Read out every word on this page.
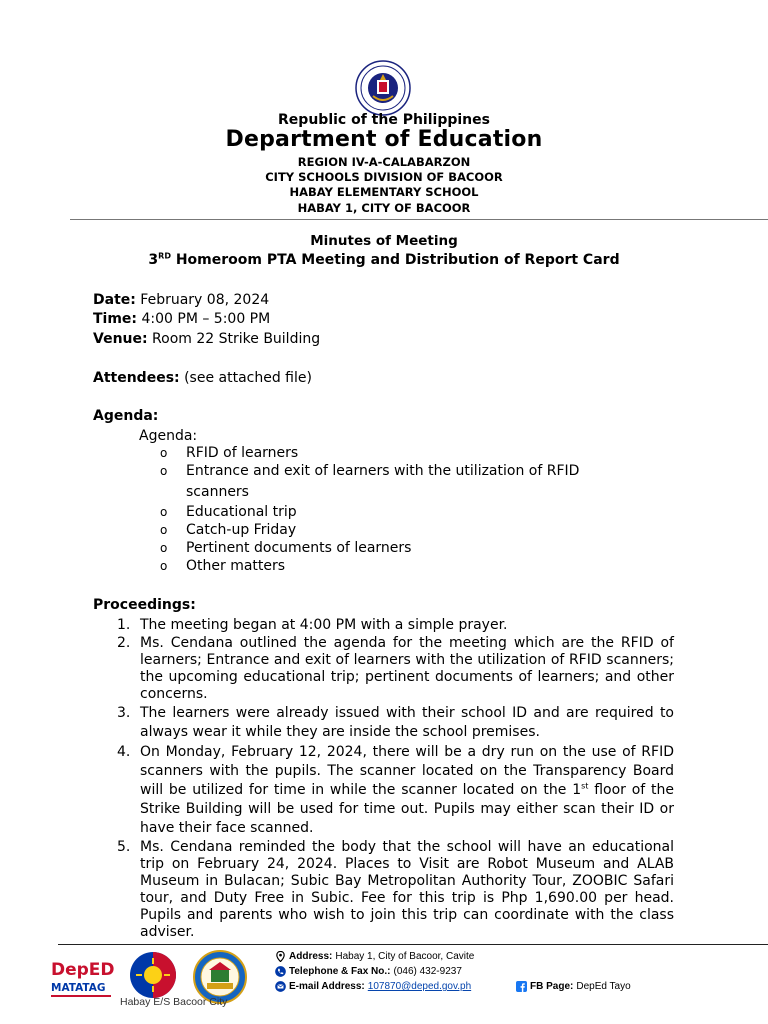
Republic of the Philippines
Department of Education
REGION IV-A-CALABARZON
CITY SCHOOLS DIVISION OF BACOOR
HABAY ELEMENTARY SCHOOL
HABAY 1, CITY OF BACOOR
Minutes of Meeting
3RD Homeroom PTA Meeting and Distribution of Report Card
Date: February 08, 2024
Time: 4:00 PM – 5:00 PM
Venue: Room 22 Strike Building
Attendees: (see attached file)
Agenda:
Agenda:
o RFID of learners
o Entrance and exit of learners with the utilization of RFID scanners
o Educational trip
o Catch-up Friday
o Pertinent documents of learners
o Other matters
Proceedings:
1. The meeting began at 4:00 PM with a simple prayer.
2. Ms. Cendana outlined the agenda for the meeting which are the RFID of learners; Entrance and exit of learners with the utilization of RFID scanners; the upcoming educational trip; pertinent documents of learners; and other concerns.
3. The learners were already issued with their school ID and are required to always wear it while they are inside the school premises.
4. On Monday, February 12, 2024, there will be a dry run on the use of RFID scanners with the pupils. The scanner located on the Transparency Board will be utilized for time in while the scanner located on the 1st floor of the Strike Building will be used for time out. Pupils may either scan their ID or have their face scanned.
5. Ms. Cendana reminded the body that the school will have an educational trip on February 24, 2024. Places to Visit are Robot Museum and ALAB Museum in Bulacan; Subic Bay Metropolitan Authority Tour, ZOOBIC Safari tour, and Duty Free in Subic. Fee for this trip is Php 1,690.00 per head. Pupils and parents who wish to join this trip can coordinate with the class adviser.
DepED
MATATAG
Habay E/S Bacoor City
Address: Habay 1, City of Bacoor, Cavite
Telephone & Fax No.: (046) 432-9237
E-mail Address: 107870@deped.gov.ph	FB Page: DepEd Tayo
